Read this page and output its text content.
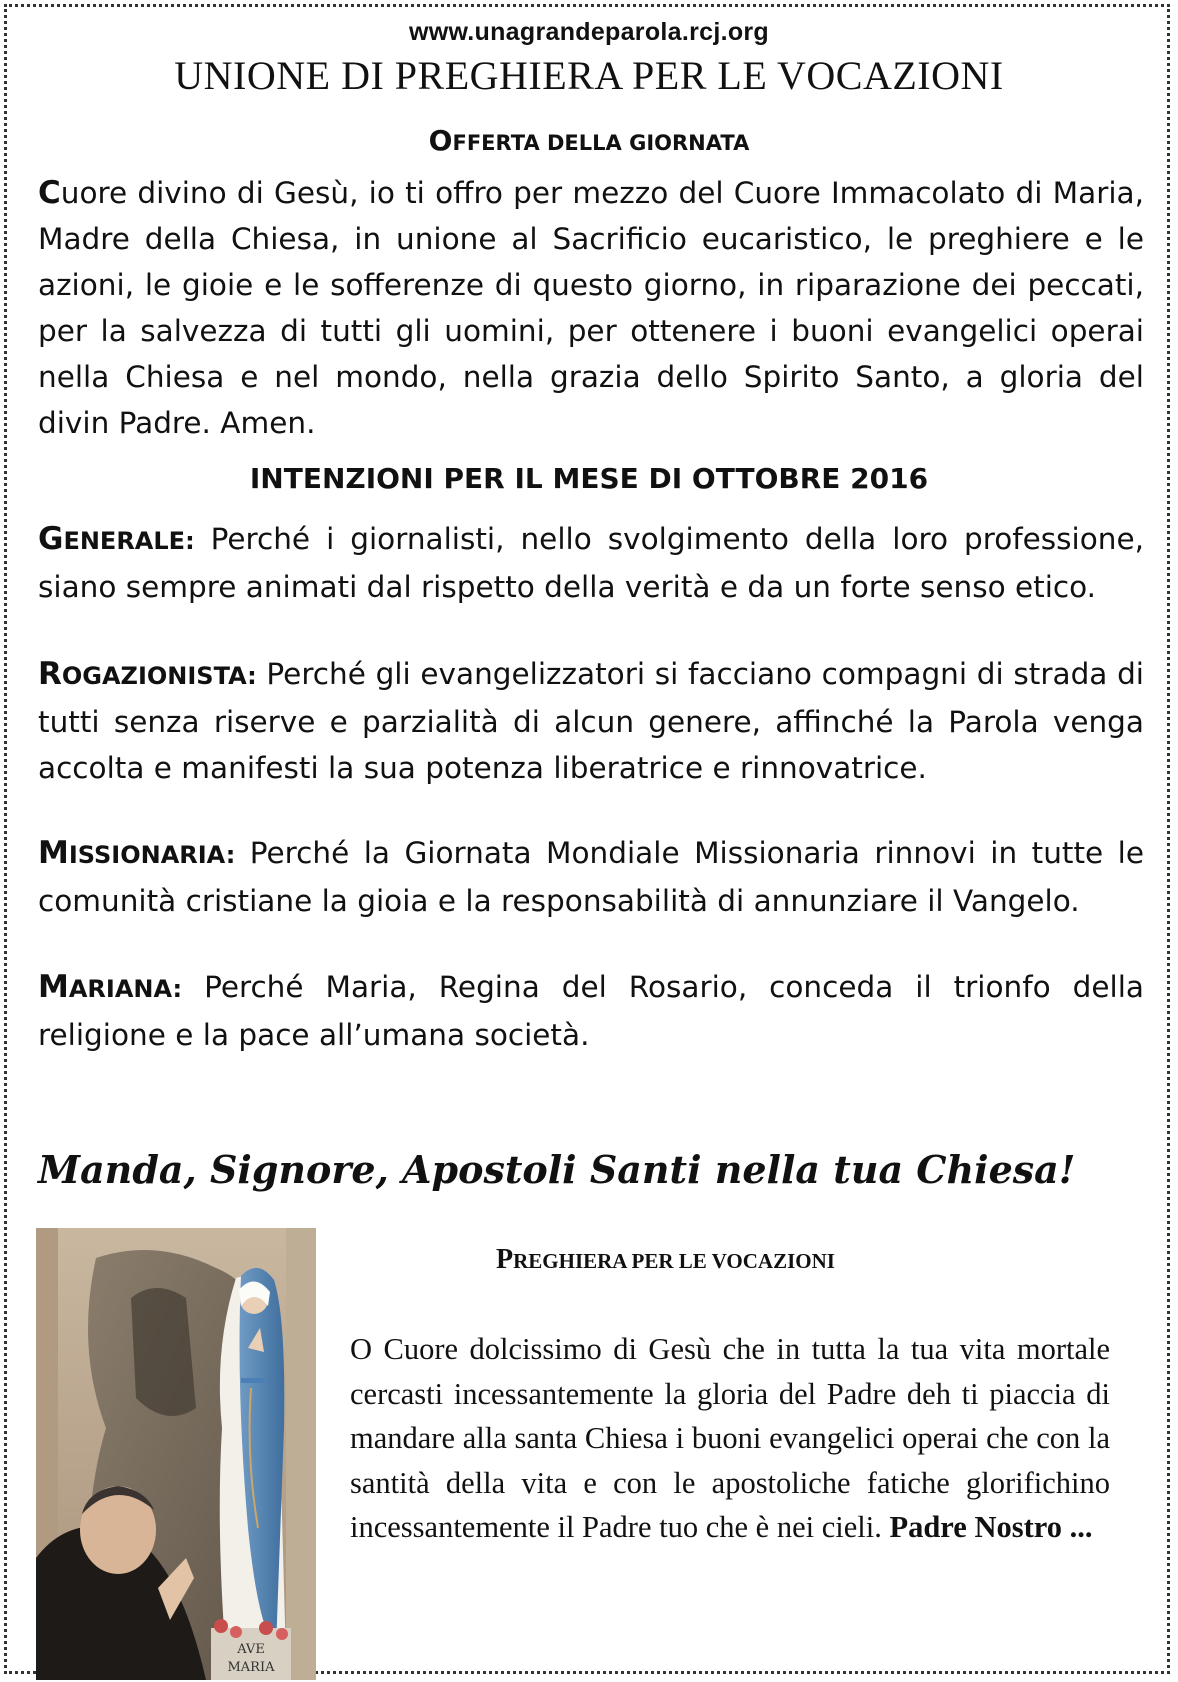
www.unagrandeparola.rcj.org
UNIONE DI PREGHIERA PER LE VOCAZIONI
OFFERTA DELLA GIORNATA
Cuore divino di Gesù, io ti offro per mezzo del Cuore Immacolato di Maria, Madre della Chiesa, in unione al Sacrificio eucaristico, le preghiere e le azioni, le gioie e le sofferenze di questo giorno, in riparazione dei peccati, per la salvezza di tutti gli uomini, per ottenere i buoni evangelici operai nella Chiesa e nel mondo, nella grazia dello Spirito Santo, a gloria del divin Padre. Amen.
INTENZIONI PER IL MESE DI OTTOBRE 2016
GENERALE: Perché i giornalisti, nello svolgimento della loro professione, siano sempre animati dal rispetto della verità e da un forte senso etico.
ROGAZIONISTA: Perché gli evangelizzatori si facciano compagni di strada di tutti senza riserve e parzialità di alcun genere, affinché la Parola venga accolta e manifesti la sua potenza liberatrice e rinnovatrice.
MISSIONARIA: Perché la Giornata Mondiale Missionaria rinnovi in tutte le comunità cristiane la gioia e la responsabilità di annunziare il Vangelo.
MARIANA: Perché Maria, Regina del Rosario, conceda il trionfo della religione e la pace all’umana società.
Manda, Signore, Apostoli Santi nella tua Chiesa!
AVE
MARIA
PREGHIERA PER LE VOCAZIONI
O Cuore dolcissimo di Gesù che in tutta la tua vita mortale cercasti incessantemente la gloria del Padre deh ti piaccia di mandare alla santa Chiesa i buoni evangelici operai che con la santità della vita e con le apostoliche fatiche glorifichino incessantemente il Padre tuo che è nei cieli. Padre Nostro ...
